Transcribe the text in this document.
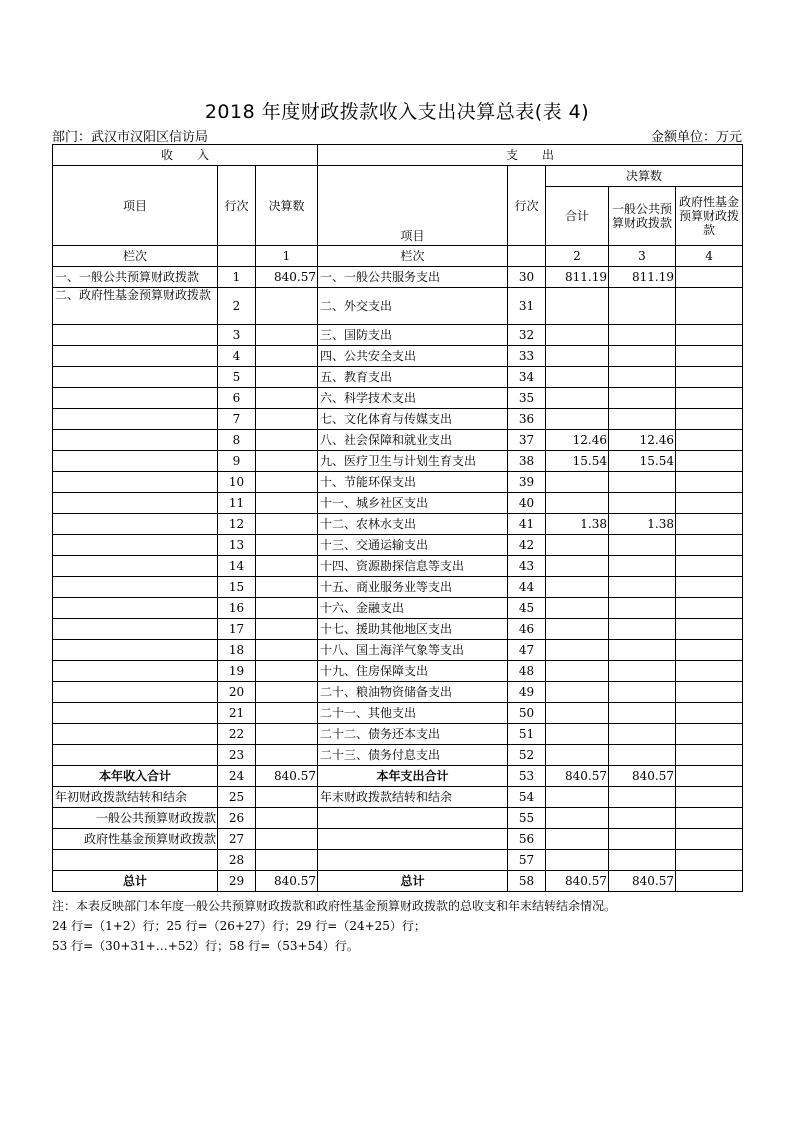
2018 年度财政拨款收入支出决算总表(表 4)
部门：武汉市汉阳区信访局	金额单位：万元
收　　入			支　　出				
项目	行次	决算数	项目	行次	决算数		
					合计	一般公共预算财政拨款	政府性基金预算财政拨款
栏次		1	栏次		2	3	4
一、一般公共预算财政拨款	1	840.57	一、一般公共服务支出	30	811.19	811.19	
二、政府性基金预算财政拨款	2		二、外交支出	31			
	3		三、国防支出	32			
	4		四、公共安全支出	33			
	5		五、教育支出	34			
	6		六、科学技术支出	35			
	7		七、文化体育与传媒支出	36			
	8		八、社会保障和就业支出	37	12.46	12.46	
	9		九、医疗卫生与计划生育支出	38	15.54	15.54	
	10		十、节能环保支出	39			
	11		十一、城乡社区支出	40			
	12		十二、农林水支出	41	1.38	1.38	
	13		十三、交通运输支出	42			
	14		十四、资源勘探信息等支出	43			
	15		十五、商业服务业等支出	44			
	16		十六、金融支出	45			
	17		十七、援助其他地区支出	46			
	18		十八、国土海洋气象等支出	47			
	19		十九、住房保障支出	48			
	20		二十、粮油物资储备支出	49			
	21		二十一、其他支出	50			
	22		二十二、债务还本支出	51			
	23		二十三、债务付息支出	52			
本年收入合计	24	840.57	本年支出合计	53	840.57	840.57	
年初财政拨款结转和结余	25		年末财政拨款结转和结余	54			
一般公共预算财政拨款	26			55			
政府性基金预算财政拨款	27			56			
	28			57			
总计	29	840.57	总计	58	840.57	840.57	
注：本表反映部门本年度一般公共预算财政拨款和政府性基金预算财政拨款的总收支和年末结转结余情况。
24 行=（1+2）行；25 行=（26+27）行；29 行=（24+25）行；
53 行=（30+31+…+52）行；58 行=（53+54）行。
